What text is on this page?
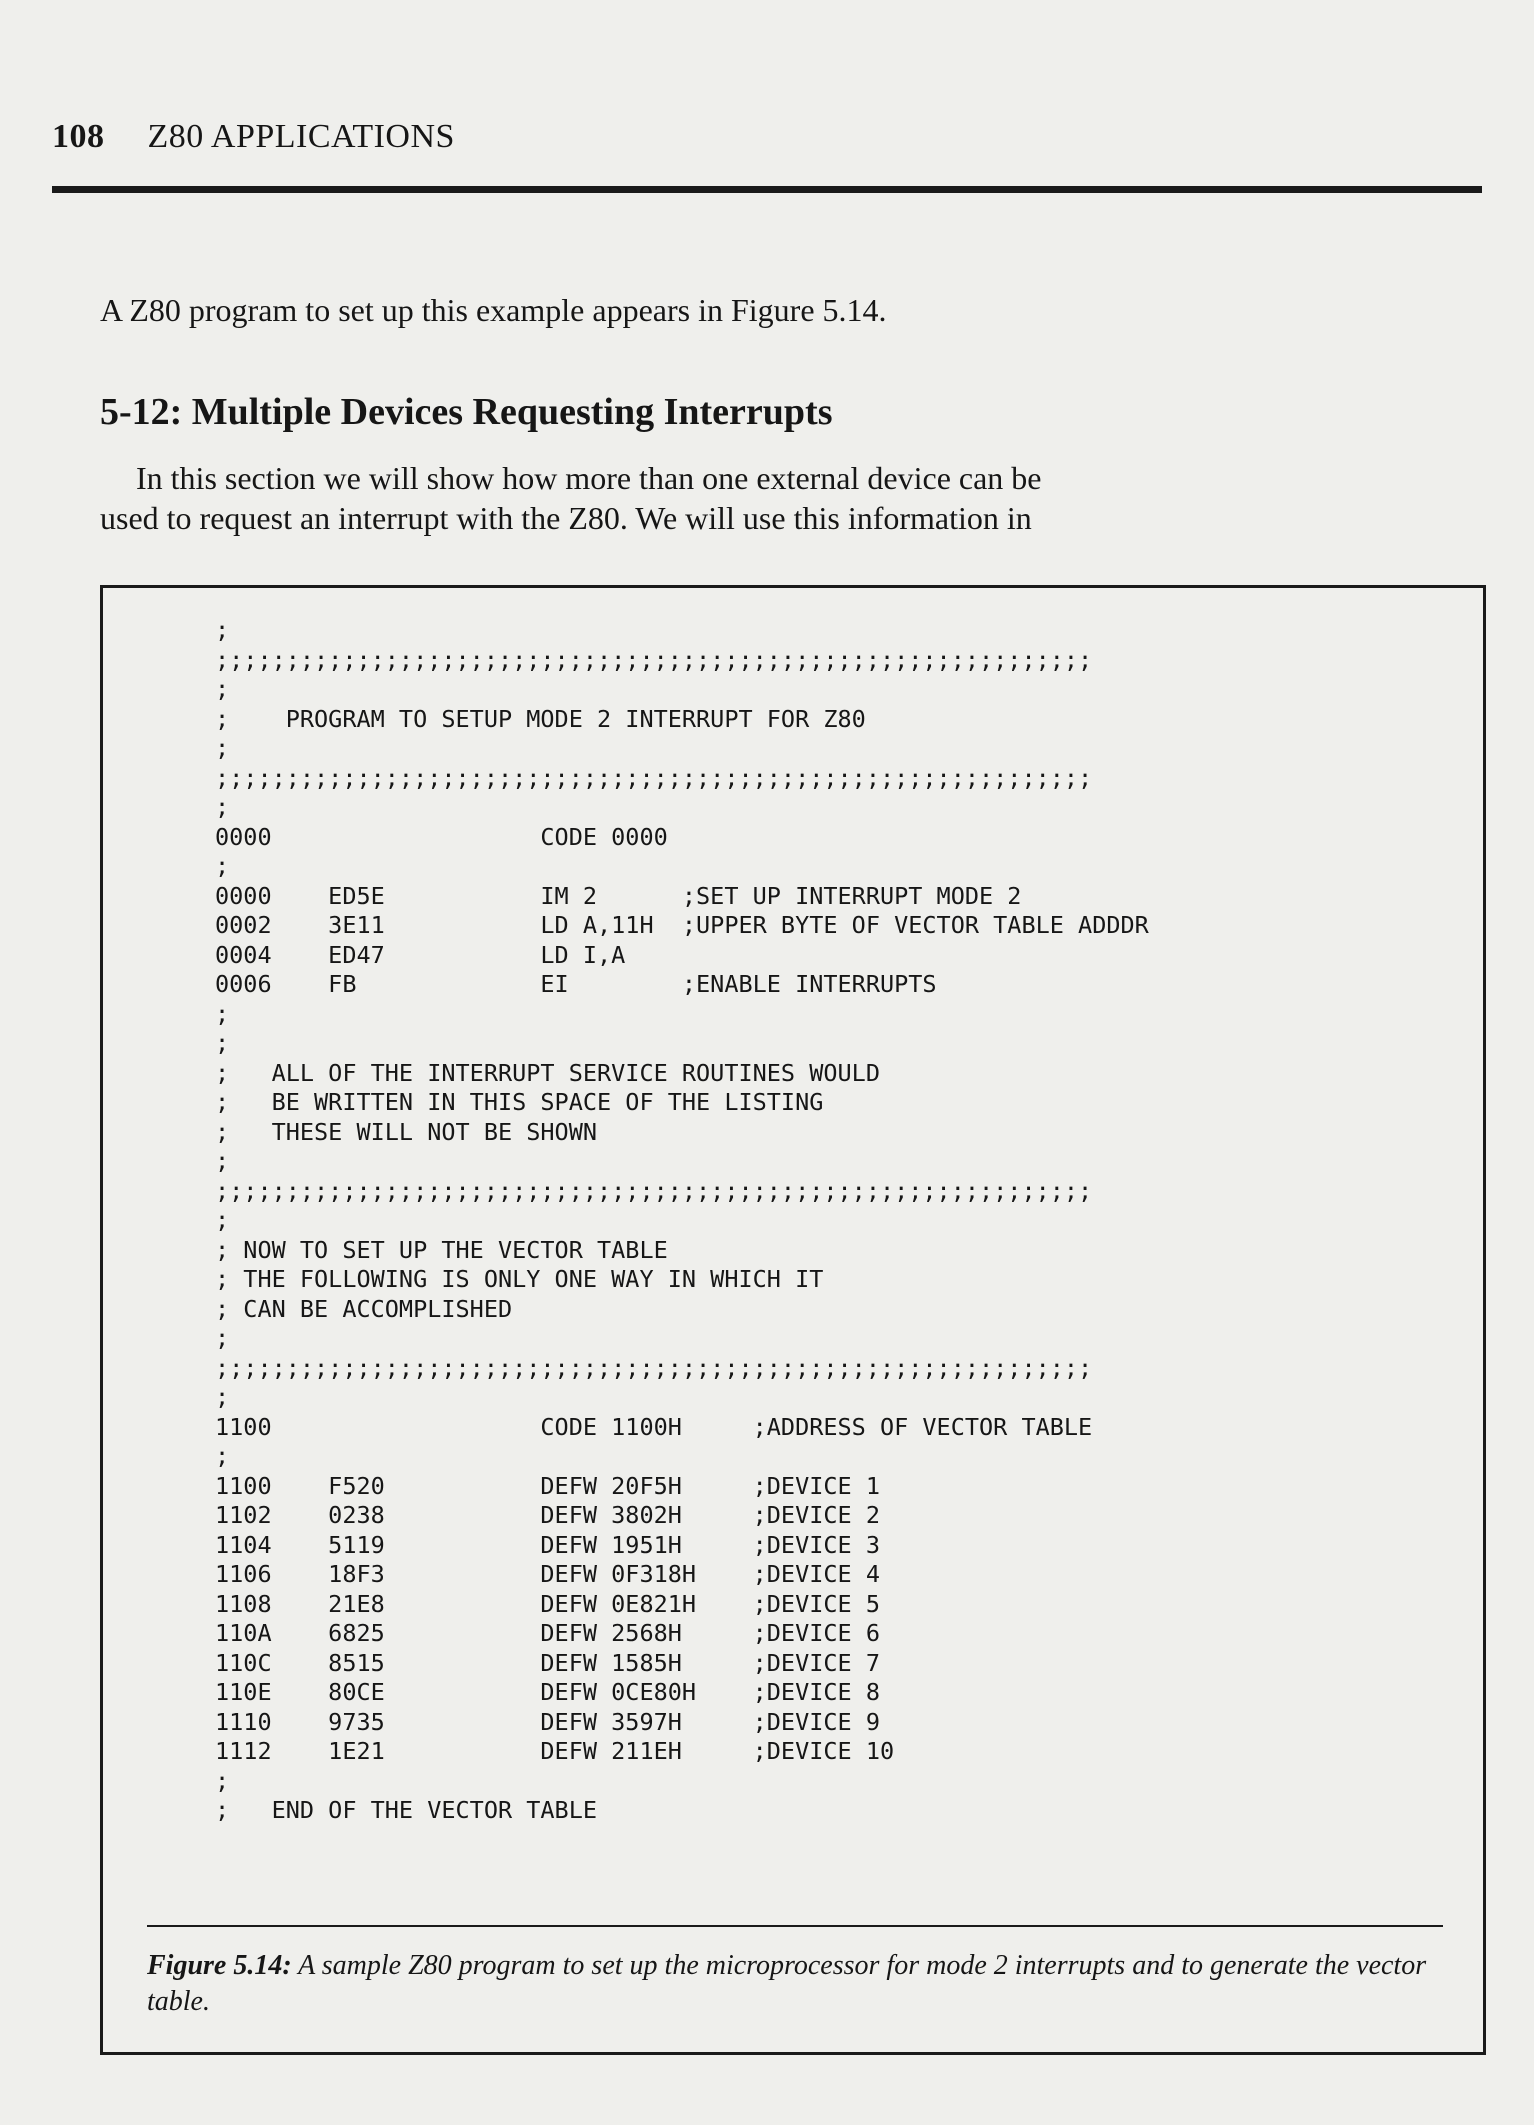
108 Z80 APPLICATIONS
A Z80 program to set up this example appears in Figure 5.14.
5-12: Multiple Devices Requesting Interrupts
In this section we will show how more than one external device can be
used to request an interrupt with the Z80. We will use this information in
;
;;;;;;;;;;;;;;;;;;;;;;;;;;;;;;;;;;;;;;;;;;;;;;;;;;;;;;;;;;;;;;
;
;    PROGRAM TO SETUP MODE 2 INTERRUPT FOR Z80
;
;;;;;;;;;;;;;;;;;;;;;;;;;;;;;;;;;;;;;;;;;;;;;;;;;;;;;;;;;;;;;;
;
0000                   CODE 0000
;
0000    ED5E           IM 2      ;SET UP INTERRUPT MODE 2
0002    3E11           LD A,11H  ;UPPER BYTE OF VECTOR TABLE ADDDR
0004    ED47           LD I,A
0006    FB             EI        ;ENABLE INTERRUPTS
;
;
;   ALL OF THE INTERRUPT SERVICE ROUTINES WOULD
;   BE WRITTEN IN THIS SPACE OF THE LISTING
;   THESE WILL NOT BE SHOWN
;
;;;;;;;;;;;;;;;;;;;;;;;;;;;;;;;;;;;;;;;;;;;;;;;;;;;;;;;;;;;;;;
;
; NOW TO SET UP THE VECTOR TABLE
; THE FOLLOWING IS ONLY ONE WAY IN WHICH IT
; CAN BE ACCOMPLISHED
;
;;;;;;;;;;;;;;;;;;;;;;;;;;;;;;;;;;;;;;;;;;;;;;;;;;;;;;;;;;;;;;
;
1100                   CODE 1100H     ;ADDRESS OF VECTOR TABLE
;
1100    F520           DEFW 20F5H     ;DEVICE 1
1102    0238           DEFW 3802H     ;DEVICE 2
1104    5119           DEFW 1951H     ;DEVICE 3
1106    18F3           DEFW 0F318H    ;DEVICE 4
1108    21E8           DEFW 0E821H    ;DEVICE 5
110A    6825           DEFW 2568H     ;DEVICE 6
110C    8515           DEFW 1585H     ;DEVICE 7
110E    80CE           DEFW 0CE80H    ;DEVICE 8
1110    9735           DEFW 3597H     ;DEVICE 9
1112    1E21           DEFW 211EH     ;DEVICE 10
;
;   END OF THE VECTOR TABLE
Figure 5.14: A sample Z80 program to set up the microprocessor for mode 2 interrupts and to generate the vector table.
